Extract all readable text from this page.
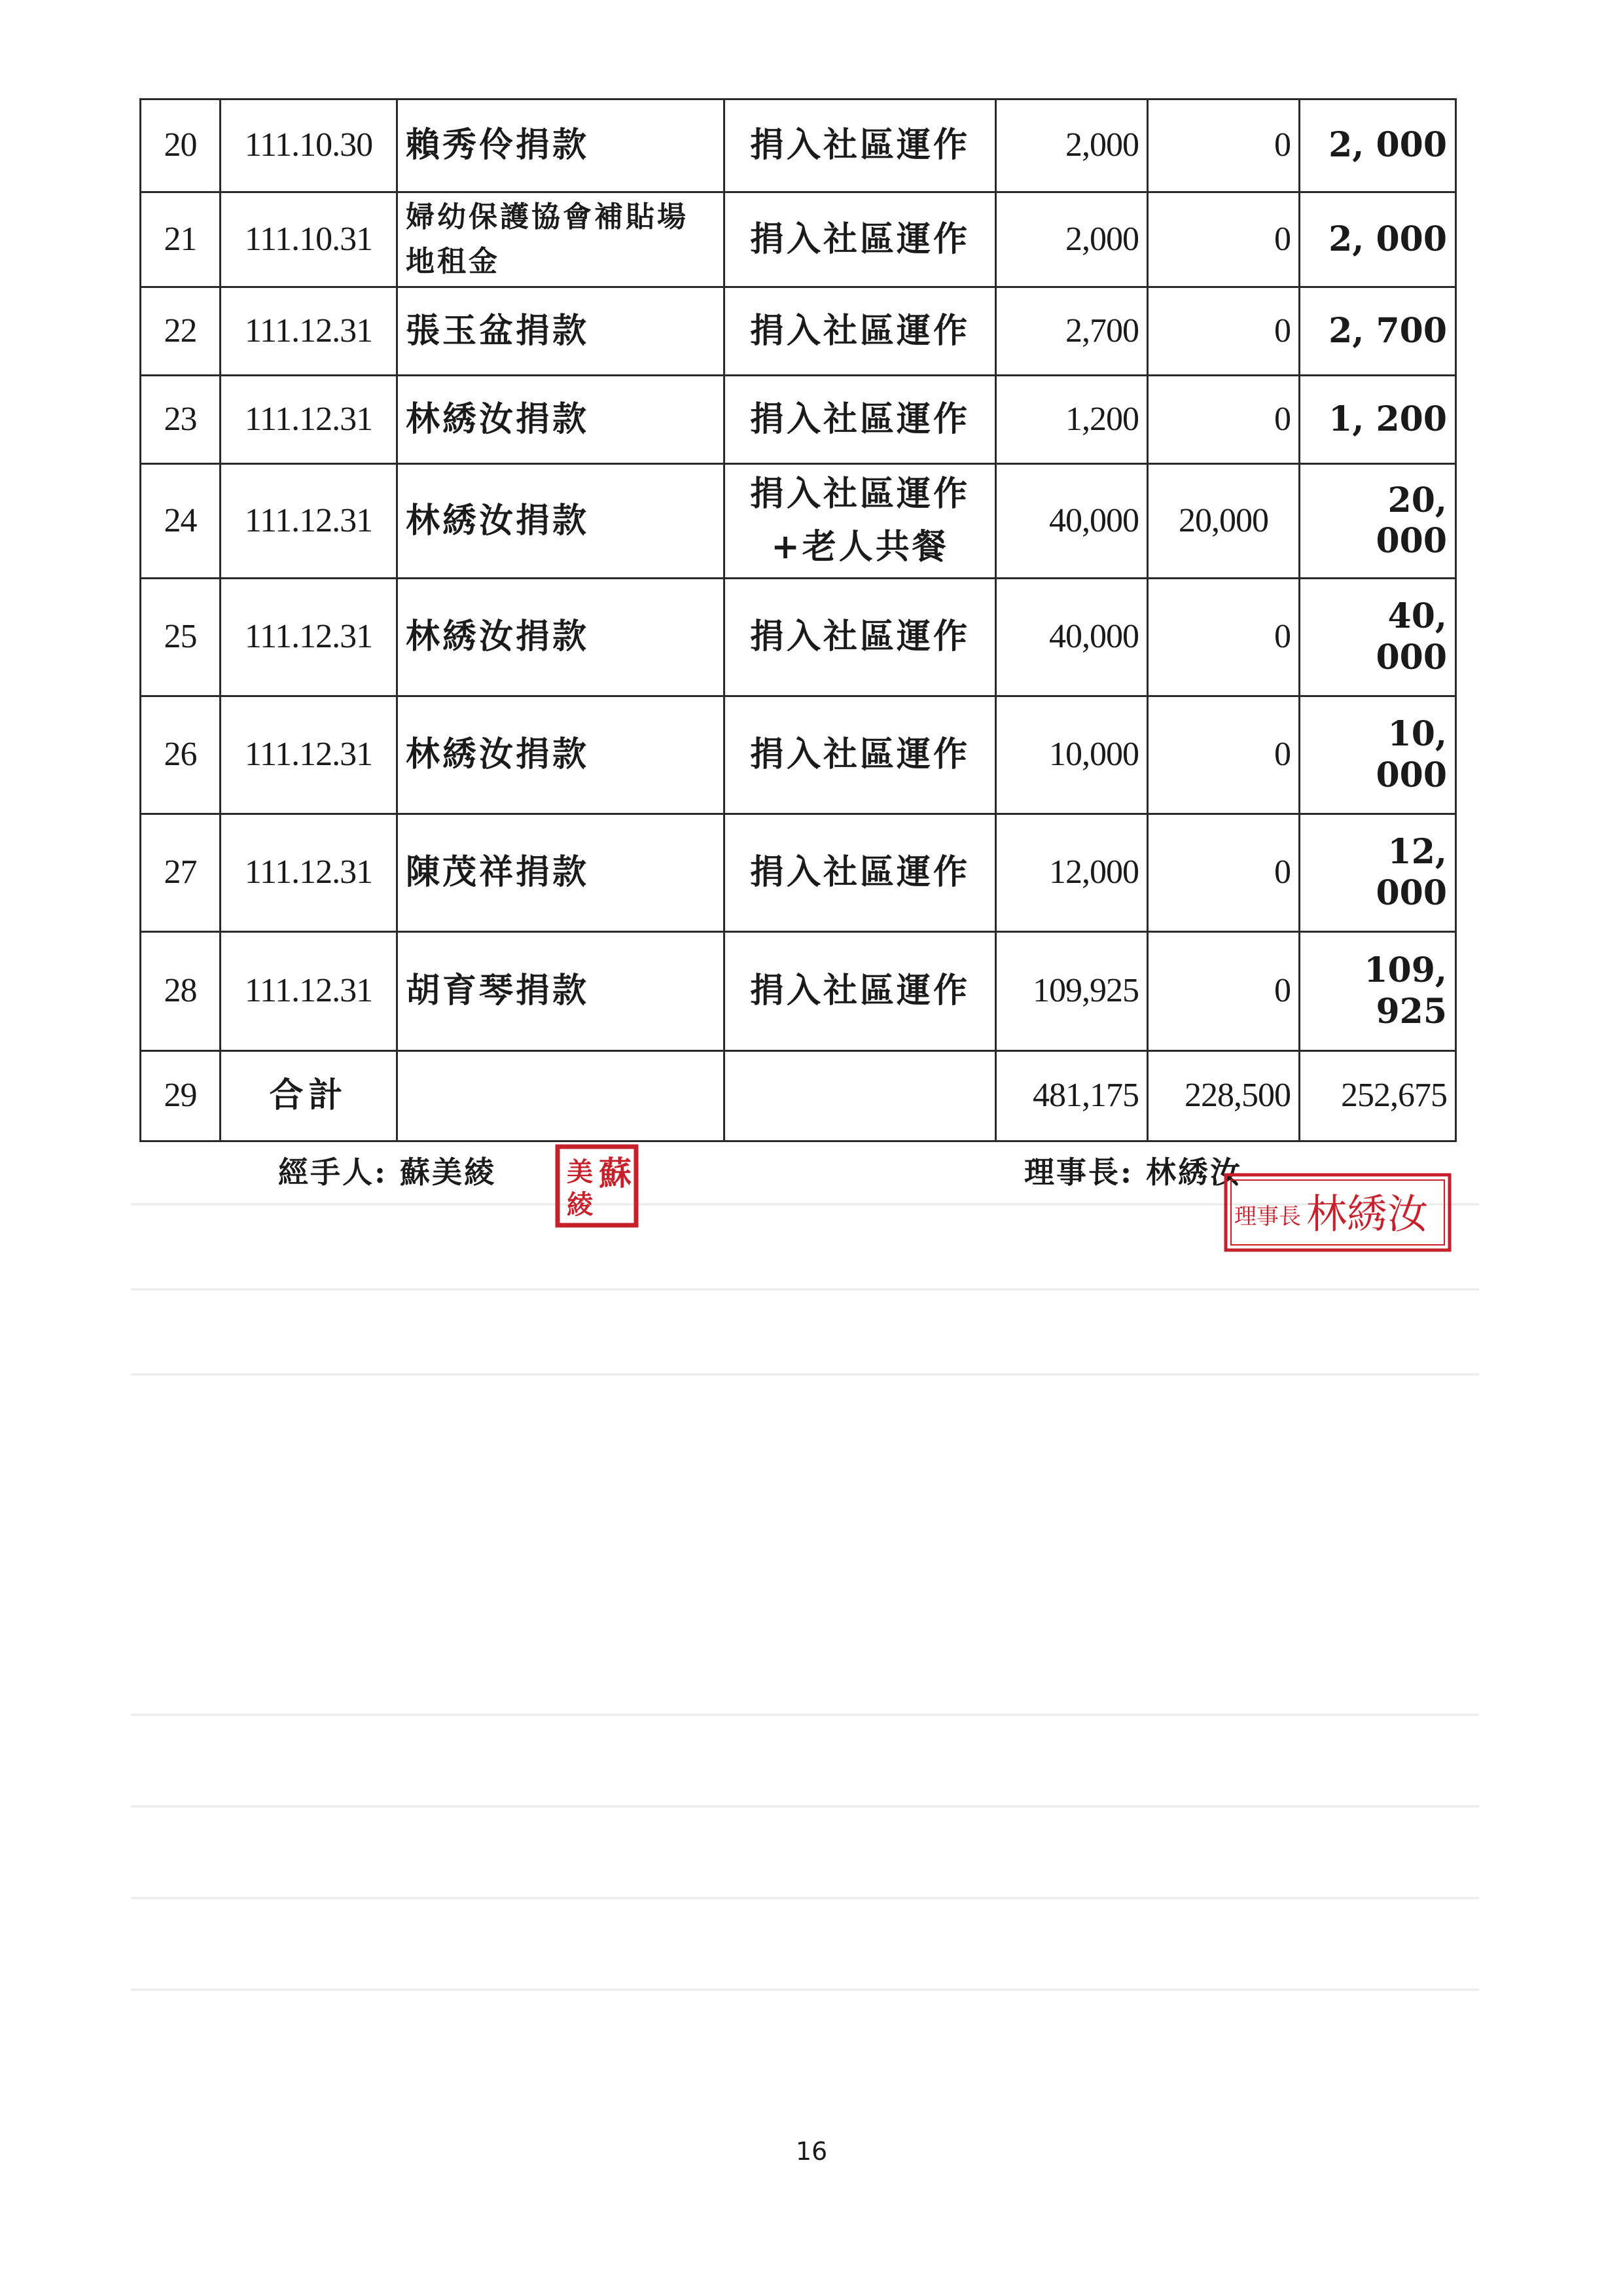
20	111.10.30	賴秀伶捐款	捐入社區運作	2,000	0	2, 000
21	111.10.31	婦幼保護協會補貼場地租金	捐入社區運作	2,000	0	2, 000
22	111.12.31	張玉盆捐款	捐入社區運作	2,700	0	2, 700
23	111.12.31	林綉汝捐款	捐入社區運作	1,200	0	1, 200
24	111.12.31	林綉汝捐款	捐入社區運作+老人共餐	40,000	20,000	20, 000
25	111.12.31	林綉汝捐款	捐入社區運作	40,000	0	40, 000
26	111.12.31	林綉汝捐款	捐入社區運作	10,000	0	10, 000
27	111.12.31	陳茂祥捐款	捐入社區運作	12,000	0	12, 000
28	111.12.31	胡育琴捐款	捐入社區運作	109,925	0	109, 925
29	合計			481,175	228,500	252,675
經手人: 蘇美綾	蘇
美
綾
理事長: 林綉汝
理事長 林綉汝
16
